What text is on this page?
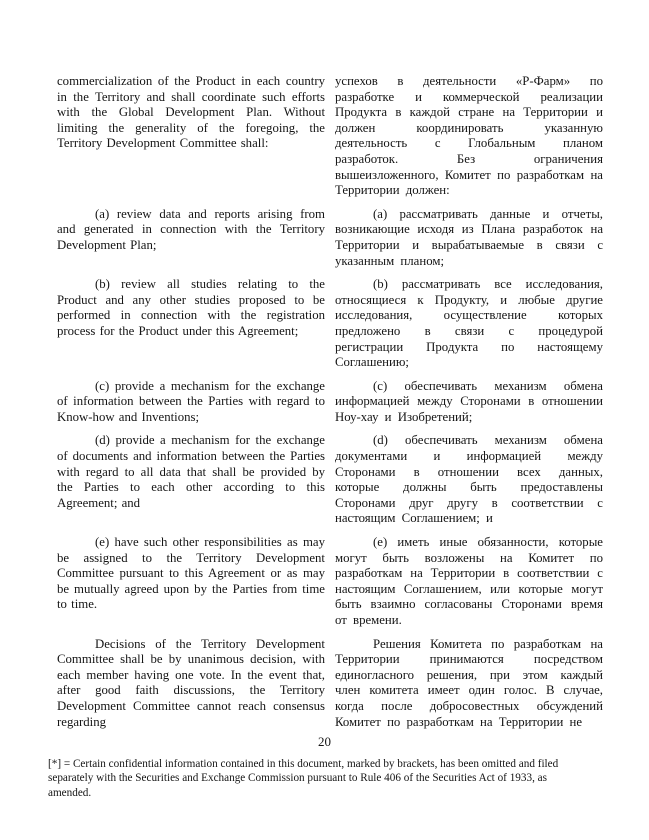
commercialization of the Product in each country in the Territory and shall coordinate such efforts with the Global Development Plan. Without limiting the generality of the foregoing, the Territory Development Committee shall:

успехов в деятельности «Р-Фарм» по разработке и коммерческой реализации Продукта в каждой стране на Территории и должен координировать указанную деятельность с Глобальным планом разработок. Без ограничения вышеизложенного, Комитет по разработкам на Территории должен:

(a) review data and reports arising from and generated in connection with the Territory Development Plan;

(а) рассматривать данные и отчеты, возникающие исходя из Плана разработок на Территории и вырабатываемые в связи с указанным планом;

(b) review all studies relating to the Product and any other studies proposed to be performed in connection with the registration process for the Product under this Agreement;

(b) рассматривать все исследования, относящиеся к Продукту, и любые другие исследования, осуществление которых предложено в связи с процедурой регистрации Продукта по настоящему Соглашению;

(c) provide a mechanism for the exchange of information between the Parties with regard to Know-how and Inventions;

(с) обеспечивать механизм обмена информацией между Сторонами в отношении Ноу-хау и Изобретений;

(d) provide a mechanism for the exchange of documents and information between the Parties with regard to all data that shall be provided by the Parties to each other according to this Agreement; and

(d) обеспечивать механизм обмена документами и информацией между Сторонами в отношении всех данных, которые должны быть предоставлены Сторонами друг другу в соответствии с настоящим Соглашением; и

(e) have such other responsibilities as may be assigned to the Territory Development Committee pursuant to this Agreement or as may be mutually agreed upon by the Parties from time to time.

(е) иметь иные обязанности, которые могут быть возложены на Комитет по разработкам на Территории в соответствии с настоящим Соглашением, или которые могут быть взаимно согласованы Сторонами время от времени.

Decisions of the Territory Development Committee shall be by unanimous decision, with each member having one vote. In the event that, after good faith discussions, the Territory Development Committee cannot reach consensus regarding

Решения Комитета по разработкам на Территории принимаются посредством единогласного решения, при этом каждый член комитета имеет один голос. В случае, когда после добросовестных обсуждений Комитет по разработкам на Территории не

20
[*] = Certain confidential information contained in this document, marked by brackets, has been omitted and filed
separately with the Securities and Exchange Commission pursuant to Rule 406 of the Securities Act of 1933, as
amended.
